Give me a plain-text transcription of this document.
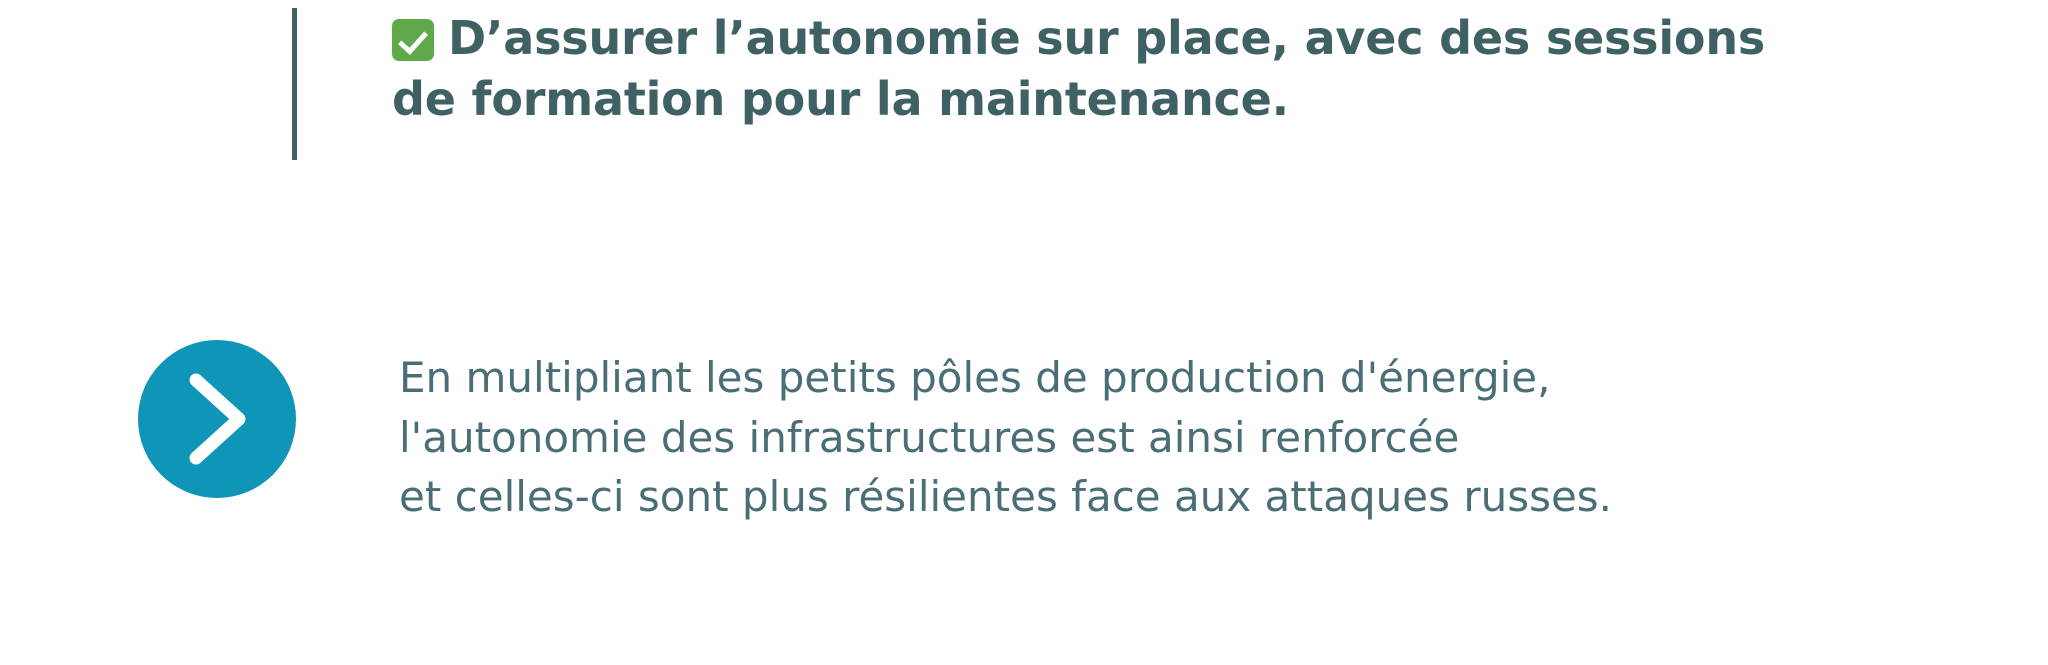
D’assurer l’autonomie sur place, avec des sessions
de formation pour la maintenance.

En multipliant les petits pôles de production d'énergie,
l'autonomie des infrastructures est ainsi renforcée
et celles-ci sont plus résilientes face aux attaques russes.
